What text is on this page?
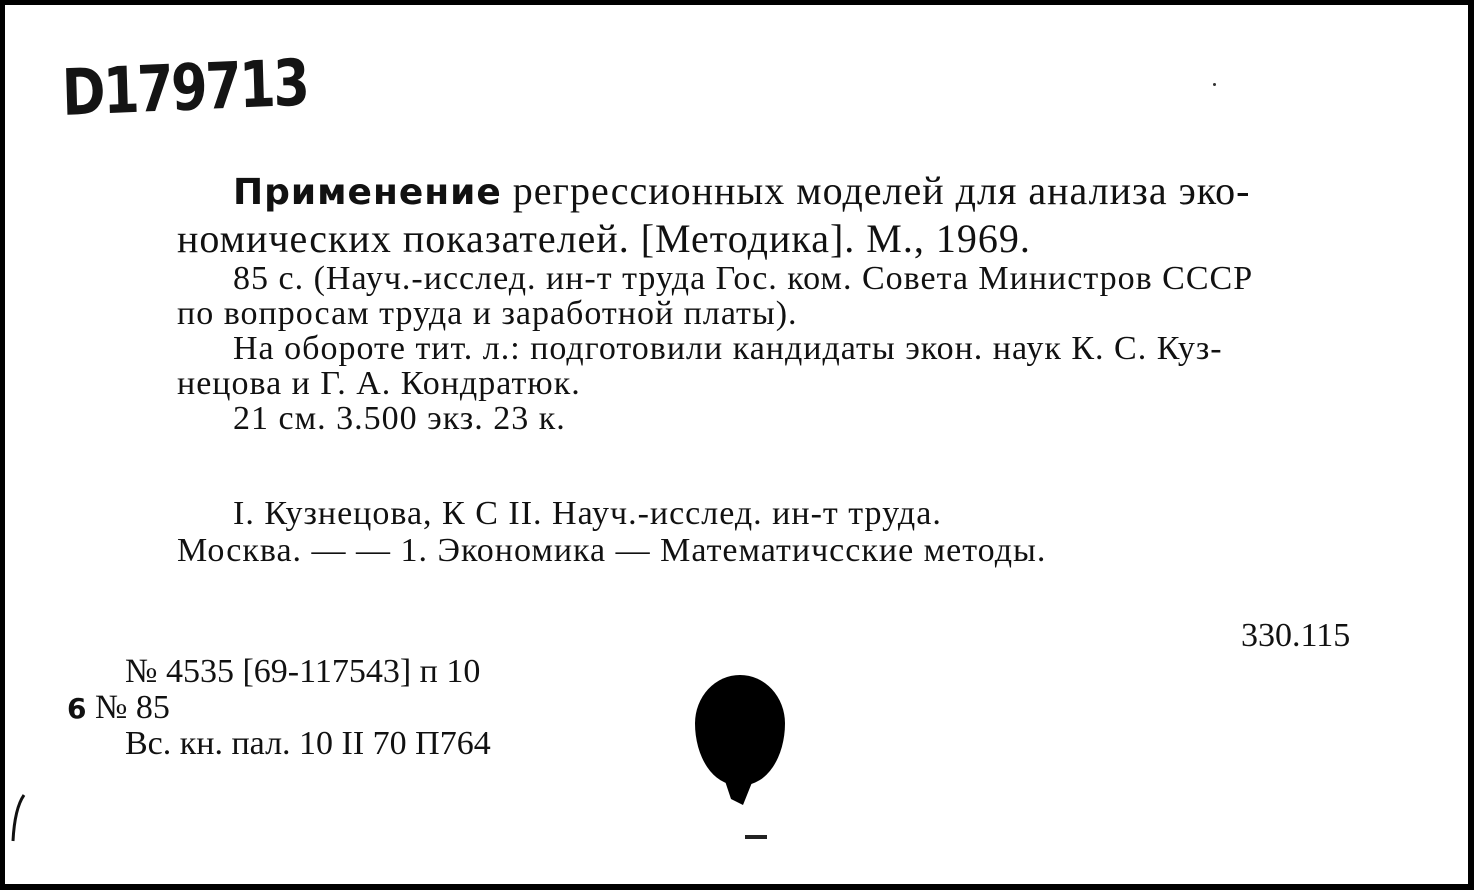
D179713
Применение регрессионных моделей для анализа эко-
номических показателей. [Методика]. М., 1969.
85 с. (Науч.-исслед. ин-т труда Гос. ком. Совета Министров СССР
по вопросам труда и заработной платы).
На обороте тит. л.: подготовили кандидаты экон. наук К. С. Куз-
нецова и Г. А. Кондратюк.
21 см. 3.500 экз. 23 к.
I. Кузнецова, К С II. Науч.-исслед. ин-т труда.
Москва. — — 1. Экономика — Математичсские методы.
330.115
№ 4535 [69-117543] п 10
6 № 85
Вс. кн. пал. 10 II 70 П764
